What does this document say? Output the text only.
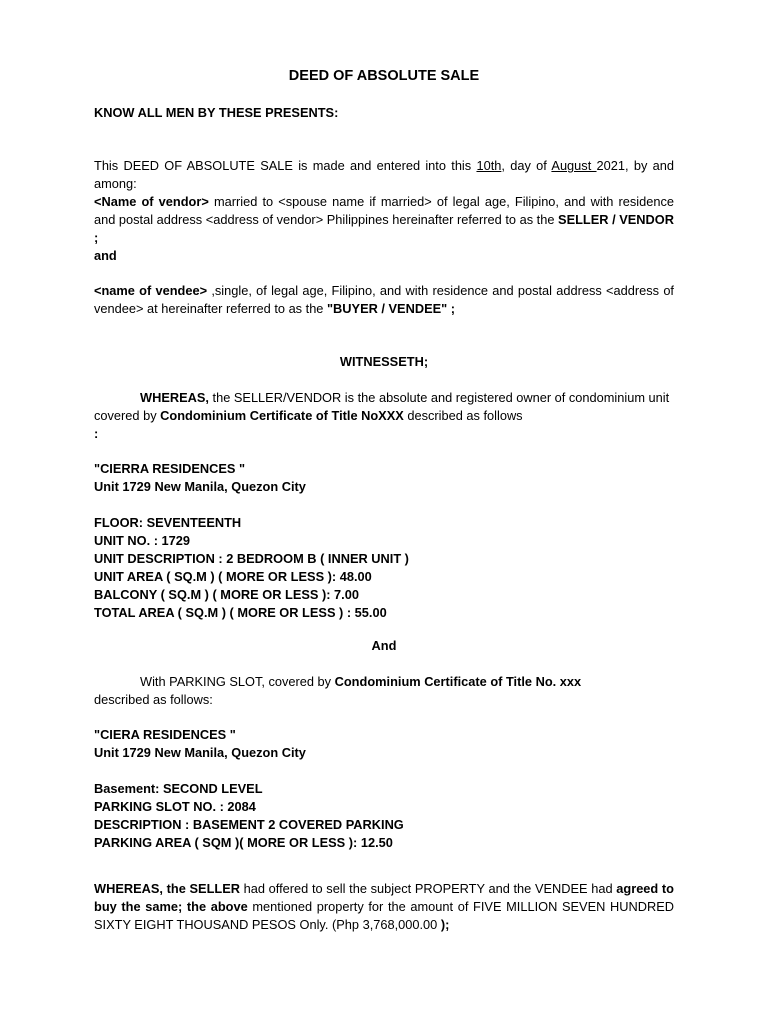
DEED OF ABSOLUTE SALE
KNOW ALL MEN BY THESE PRESENTS:

This DEED OF ABSOLUTE SALE is made and entered into this 10th, day of August 2021, by and among:

<Name of vendor> married to <spouse name if married> of legal age, Filipino, and with residence and postal address <address of vendor> Philippines hereinafter referred to as the SELLER / VENDOR ;

and

<name of vendee> ,single, of legal age, Filipino, and with residence and postal address <address of vendee> at hereinafter referred to as the "BUYER / VENDEE" ;

WITNESSETH;

WHEREAS, the SELLER/VENDOR is the absolute and registered owner of condominium unit covered by Condominium Certificate of Title NoXXX described as follows
:

"CIERRA RESIDENCES "
Unit 1729 New Manila, Quezon City
FLOOR: SEVENTEENTH
UNIT NO. : 1729
UNIT DESCRIPTION : 2 BEDROOM B ( INNER UNIT )
UNIT AREA ( SQ.M ) ( MORE OR LESS ): 48.00
BALCONY ( SQ.M ) ( MORE OR LESS ): 7.00
TOTAL AREA ( SQ.M ) ( MORE OR LESS ) : 55.00
And

With PARKING SLOT, covered by Condominium Certificate of Title No. xxx
described as follows:

"CIERA RESIDENCES "
Unit 1729 New Manila, Quezon City
Basement: SECOND LEVEL
PARKING SLOT NO. : 2084
DESCRIPTION : BASEMENT 2 COVERED PARKING
PARKING AREA ( SQM )( MORE OR LESS ): 12.50

WHEREAS, the SELLER had offered to sell the subject PROPERTY and the VENDEE had agreed to buy the same; the above mentioned property for the amount of FIVE MILLION SEVEN HUNDRED SIXTY EIGHT THOUSAND PESOS Only. (Php 3,768,000.00 );
